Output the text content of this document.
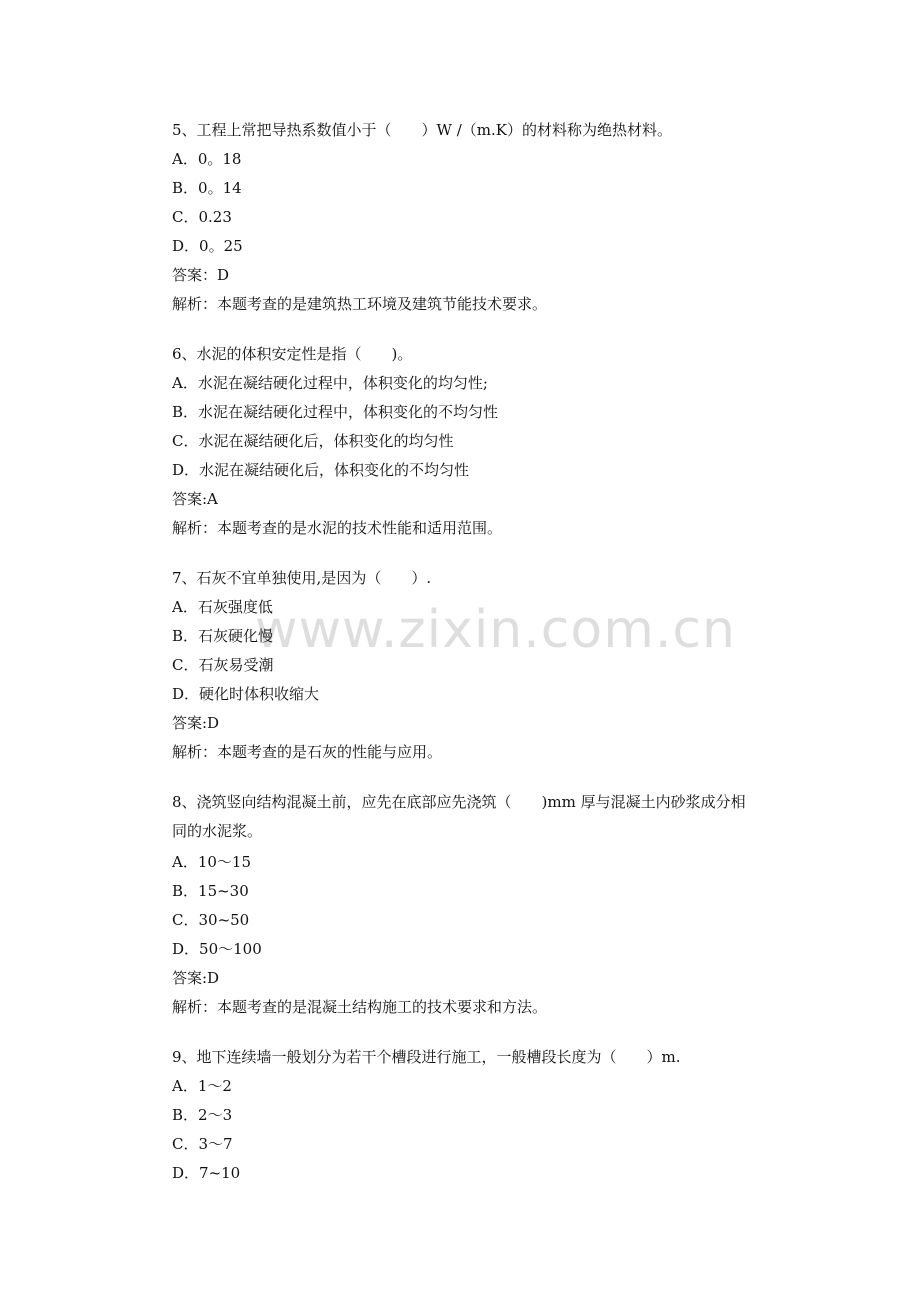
www.zixin.com.cn
5、工程上常把导热系数值小于（　　）W /（m.K）的材料称为绝热材料。
A．0。18
B．0。14
C．0.23
D．0。25
答案：D
解析：本题考查的是建筑热工环境及建筑节能技术要求。
6、水泥的体积安定性是指（　　)。
A．水泥在凝结硬化过程中，体积变化的均匀性;
B．水泥在凝结硬化过程中，体积变化的不均匀性
C．水泥在凝结硬化后，体积变化的均匀性
D．水泥在凝结硬化后，体积变化的不均匀性
答案:A
解析：本题考查的是水泥的技术性能和适用范围。
7、石灰不宜单独使用,是因为（　　）.
A．石灰强度低
B．石灰硬化慢
C．石灰易受潮
D．硬化时体积收缩大
答案:D
解析：本题考查的是石灰的性能与应用。
8、浇筑竖向结构混凝土前，应先在底部应先浇筑（　　)mm 厚与混凝土内砂浆成分相
同的水泥浆。
A．10～15
B．15~30
C．30~50
D．50～100
答案:D
解析：本题考查的是混凝土结构施工的技术要求和方法。
9、地下连续墙一般划分为若干个槽段进行施工，一般槽段长度为（　　）m.
A．1～2
B．2～3
C．3～7
D．7~10
